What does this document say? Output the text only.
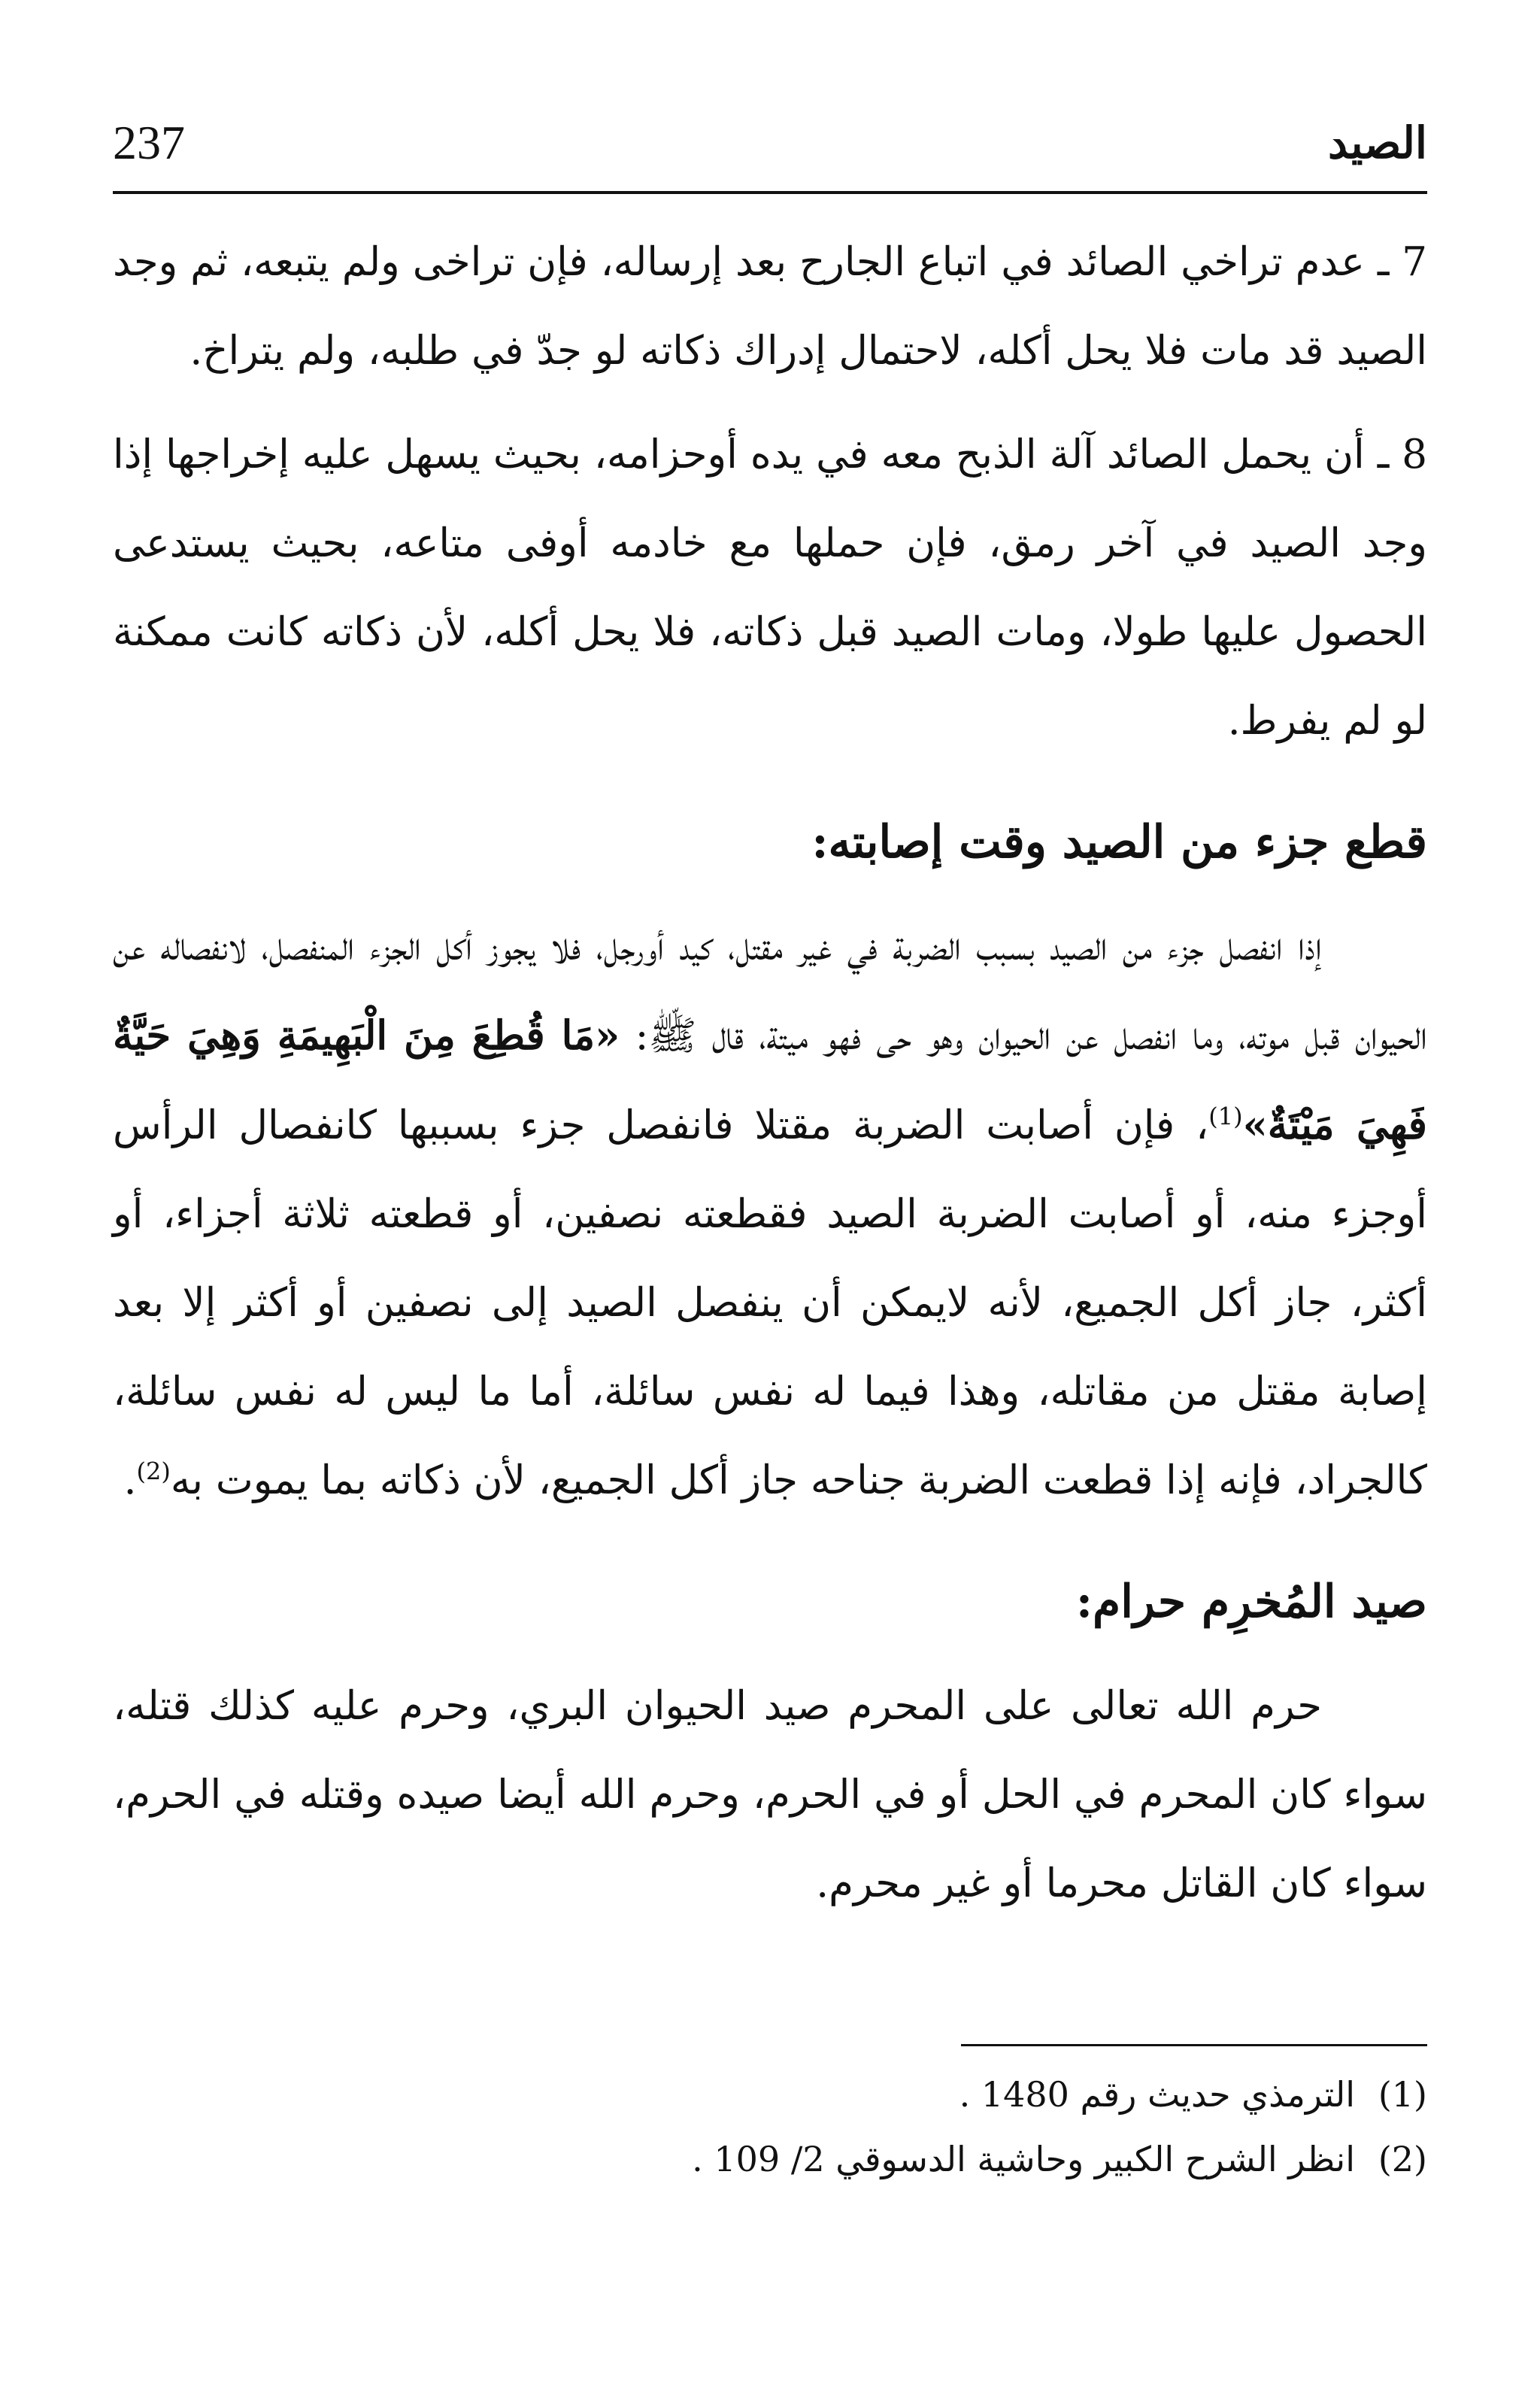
237	الصيد

7 ـ عدم تراخي الصائد في اتباع الجارح بعد إرساله، فإن تراخى ولم يتبعه، ثم وجد الصيد قد مات فلا يحل أكله، لاحتمال إدراك ذكاته لو جدّ في طلبه، ولم يتراخ.

8 ـ أن يحمل الصائد آلة الذبح معه في يده أوحزامه، بحيث يسهل عليه إخراجها إذا وجد الصيد في آخر رمق، فإن حملها مع خادمه أوفى متاعه، بحيث يستدعى الحصول عليها طولا، ومات الصيد قبل ذكاته، فلا يحل أكله، لأن ذكاته كانت ممكنة لو لم يفرط.

قطع جزء من الصيد وقت إصابته:

إذا انفصل جزء من الصيد بسبب الضربة في غير مقتل، كيد أورجل، فلا يجوز أكل الجزء المنفصل، لانفصاله عن الحيوان قبل موته، وما انفصل عن الحيوان وهو حى فهو ميتة، قال ﷺ: «مَا قُطِعَ مِنَ الْبَهِيمَةِ وَهِيَ حَيَّةٌ فَهِيَ مَيْتَةٌ»$^{(1)}$، فإن أصابت الضربة مقتلا فانفصل جزء بسببها كانفصال الرأس أوجزء منه، أو أصابت الضربة الصيد فقطعته نصفين، أو قطعته ثلاثة أجزاء، أو أكثر، جاز أكل الجميع، لأنه لايمكن أن ينفصل الصيد إلى نصفين أو أكثر إلا بعد إصابة مقتل من مقاتله، وهذا فيما له نفس سائلة، أما ما ليس له نفس سائلة، كالجراد، فإنه إذا قطعت الضربة جناحه جاز أكل الجميع، لأن ذكاته بما يموت به$^{(2)}$.

صيد المُخرِم حرام:

حرم الله تعالى على المحرم صيد الحيوان البري، وحرم عليه كذلك قتله، سواء كان المحرم في الحل أو في الحرم، وحرم الله أيضا صيده وقتله في الحرم، سواء كان القاتل محرما أو غير محرم.

(1)الترمذي حديث رقم 1480 .

(2)انظر الشرح الكبير وحاشية الدسوقي 2/ 109 .
